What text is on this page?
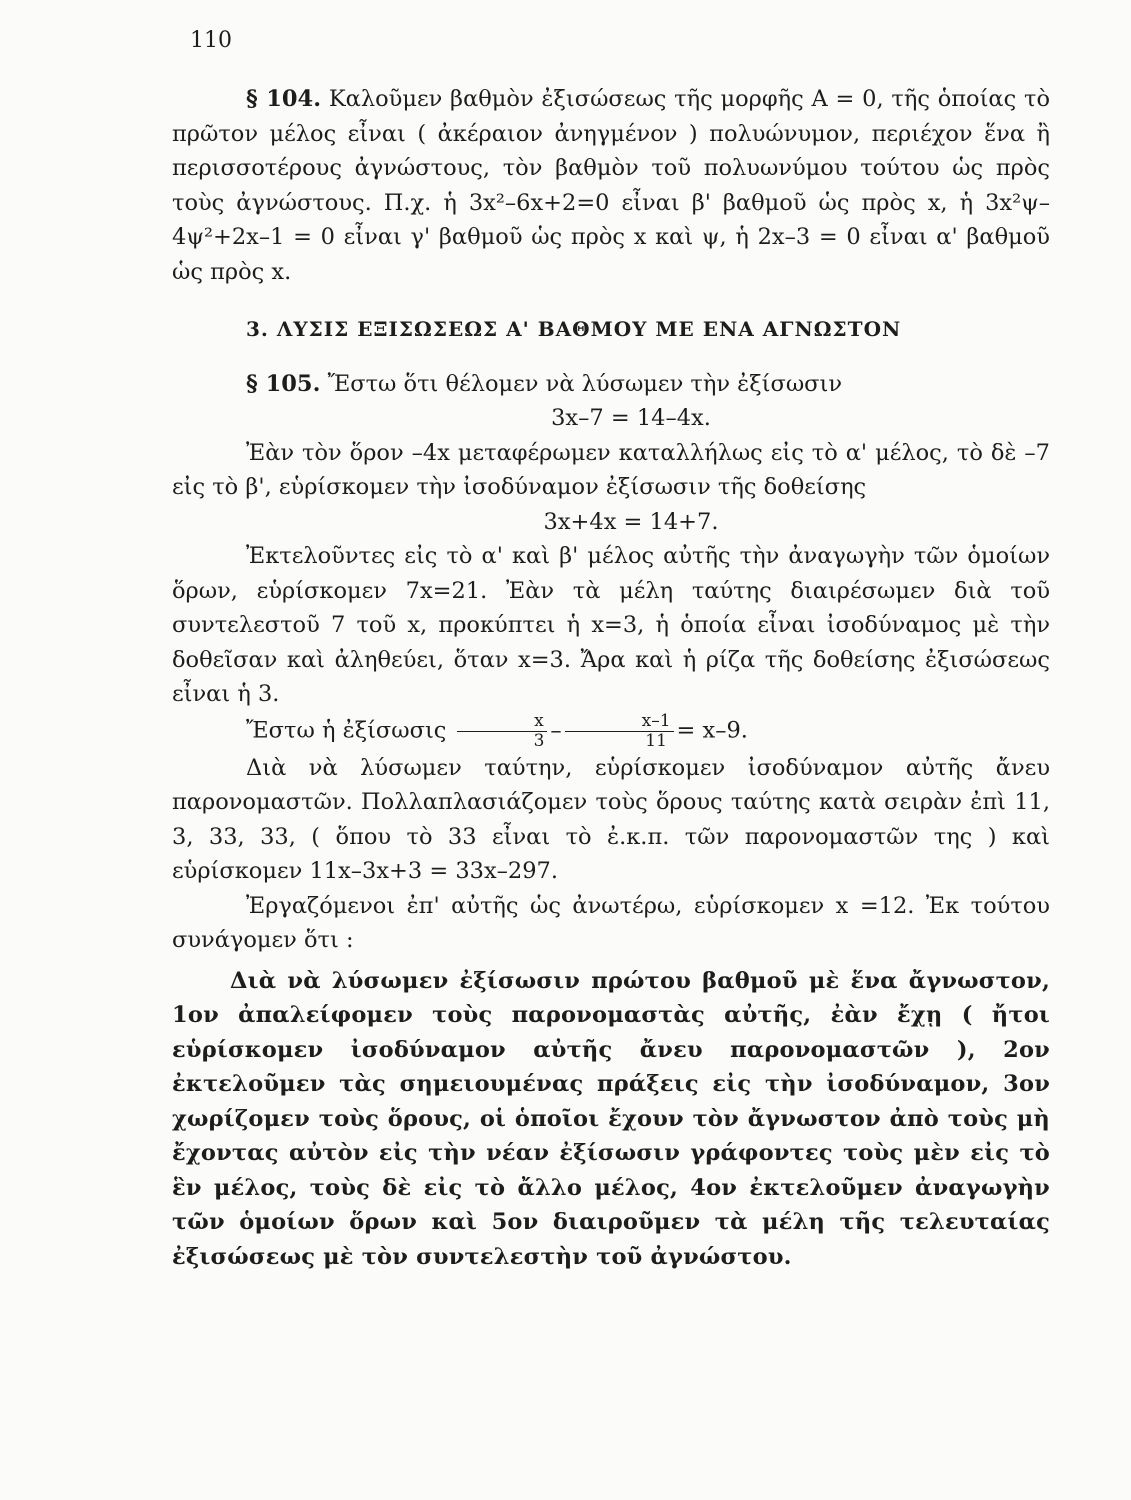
110

§ 104. Καλοῦμεν βαθμὸν ἐξισώσεως τῆς μορφῆς Α = 0, τῆς ὁποίας τὸ πρῶτον μέλος εἶναι ( ἀκέραιον ἀνηγμένον ) πολυώνυμον, περιέχον ἕνα ἢ περισσοτέρους ἀγνώστους, τὸν βαθμὸν τοῦ πολυωνύμου τούτου ὡς πρὸς τοὺς ἀγνώστους. Π.χ. ἡ 3x²–6x+2=0 εἶναι β' βαθμοῦ ὡς πρὸς x, ἡ 3x²ψ–4ψ²+2x–1 = 0 εἶναι γ' βαθμοῦ ὡς πρὸς x καὶ ψ, ἡ 2x–3 = 0 εἶναι α' βαθμοῦ ὡς πρὸς x.

3. ΛΥΣΙΣ ΕΞΙΣΩΣΕΩΣ Α' ΒΑΘΜΟΥ ΜΕ ΕΝΑ ΑΓΝΩΣΤΟΝ

§ 105. Ἔστω ὅτι θέλομεν νὰ λύσωμεν τὴν ἐξίσωσιν

3x–7 = 14–4x.

Ἐὰν τὸν ὅρον –4x μεταφέρωμεν καταλλήλως εἰς τὸ α' μέλος, τὸ δὲ –7 εἰς τὸ β', εὑρίσκομεν τὴν ἰσοδύναμον ἐξίσωσιν τῆς δοθείσης

3x+4x = 14+7.

Ἐκτελοῦντες εἰς τὸ α' καὶ β' μέλος αὐτῆς τὴν ἀναγωγὴν τῶν ὁμοίων ὅρων, εὑρίσκομεν 7x=21. Ἐὰν τὰ μέλη ταύτης διαιρέσωμεν διὰ τοῦ συντελεστοῦ 7 τοῦ x, προκύπτει ἡ x=3, ἡ ὁποία εἶναι ἰσοδύναμος μὲ τὴν δοθεῖσαν καὶ ἀληθεύει, ὅταν x=3. Ἄρα καὶ ἡ ρίζα τῆς δοθείσης ἐξισώσεως εἶναι ἡ 3.

Ἔστω ἡ ἐξίσωσις $\frac{x}{3} - \frac{x-1}{11} = x-9$.

Διὰ νὰ λύσωμεν ταύτην, εὑρίσκομεν ἰσοδύναμον αὐτῆς ἄνευ παρονομαστῶν. Πολλαπλασιάζομεν τοὺς ὅρους ταύτης κατὰ σειρὰν ἐπὶ 11, 3, 33, 33, ( ὅπου τὸ 33 εἶναι τὸ ἐ.κ.π. τῶν παρονομαστῶν της ) καὶ εὑρίσκομεν 11x–3x+3 = 33x–297.

Ἐργαζόμενοι ἐπ' αὐτῆς ὡς ἀνωτέρω, εὑρίσκομεν x =12. Ἐκ τούτου συνάγομεν ὅτι :

Διὰ νὰ λύσωμεν ἐξίσωσιν πρώτου βαθμοῦ μὲ ἕνα ἄγνωστον, 1ον ἀπαλείφομεν τοὺς παρονομαστὰς αὐτῆς, ἐὰν ἔχῃ ( ἤτοι εὑρίσκομεν ἰσοδύναμον αὐτῆς ἄνευ παρονομαστῶν ), 2ον ἐκτελοῦμεν τὰς σημειουμένας πράξεις εἰς τὴν ἰσοδύναμον, 3ον χωρίζομεν τοὺς ὅρους, οἱ ὁποῖοι ἔχουν τὸν ἄγνωστον ἀπὸ τοὺς μὴ ἔχοντας αὐτὸν εἰς τὴν νέαν ἐξίσωσιν γράφοντες τοὺς μὲν εἰς τὸ ἓν μέλος, τοὺς δὲ εἰς τὸ ἄλλο μέλος, 4ον ἐκτελοῦμεν ἀναγωγὴν τῶν ὁμοίων ὅρων καὶ 5ον διαιροῦμεν τὰ μέλη τῆς τελευταίας ἐξισώσεως μὲ τὸν συντελεστὴν τοῦ ἀγνώστου.
